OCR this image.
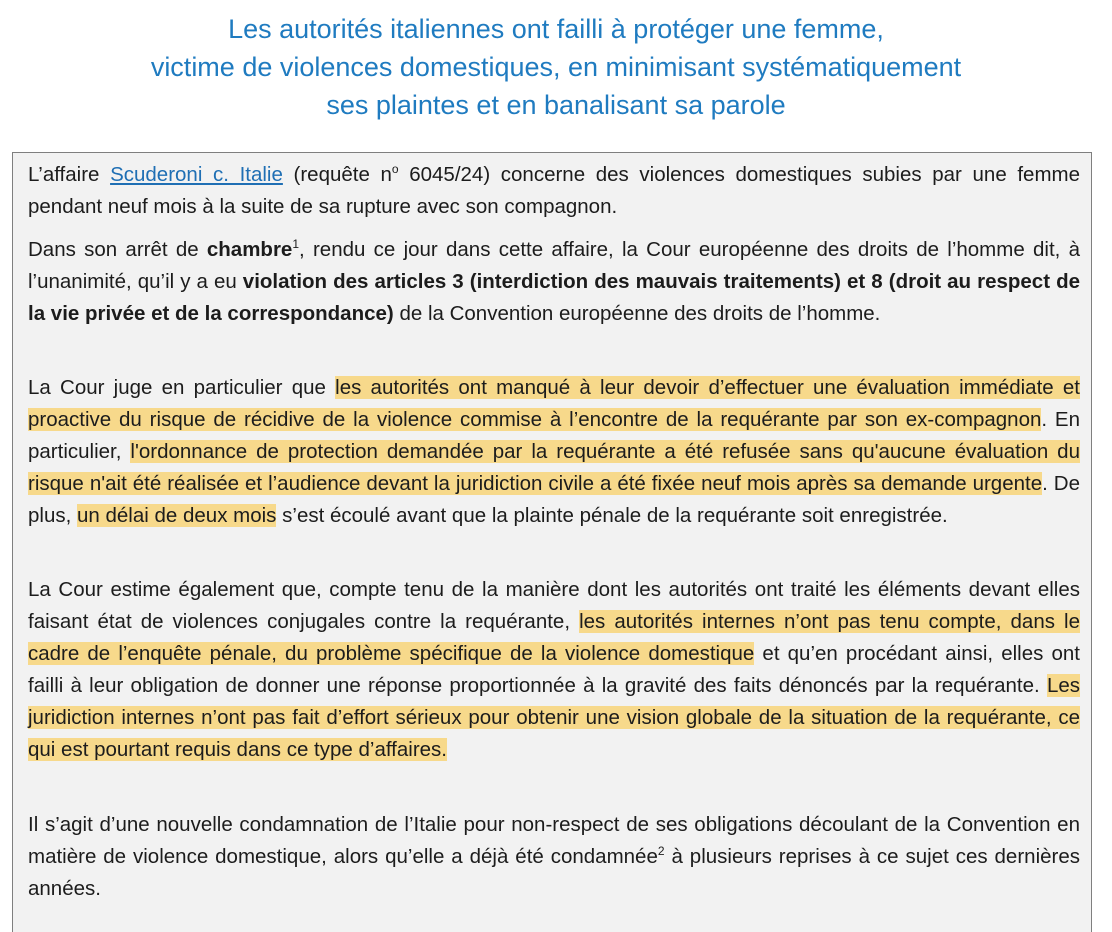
Les autorités italiennes ont failli à protéger une femme,
victime de violences domestiques, en minimisant systématiquement
ses plaintes et en banalisant sa parole
L’affaire Scuderoni c. Italie (requête $n^o$ 6045/24) concerne des violences domestiques subies par une femme pendant neuf mois à la suite de sa rupture avec son compagnon.
Dans son arrêt de chambre$^1$, rendu ce jour dans cette affaire, la Cour européenne des droits de l’homme dit, à l’unanimité, qu’il y a eu violation des articles 3 (interdiction des mauvais traitements) et 8 (droit au respect de la vie privée et de la correspondance) de la Convention européenne des droits de l’homme.
La Cour juge en particulier que les autorités ont manqué à leur devoir d’effectuer une évaluation immédiate et proactive du risque de récidive de la violence commise à l’encontre de la requérante par son ex-compagnon. En particulier, l'ordonnance de protection demandée par la requérante a été refusée sans qu'aucune évaluation du risque n'ait été réalisée et l’audience devant la juridiction civile a été fixée neuf mois après sa demande urgente. De plus, un délai de deux mois s’est écoulé avant que la plainte pénale de la requérante soit enregistrée.
La Cour estime également que, compte tenu de la manière dont les autorités ont traité les éléments devant elles faisant état de violences conjugales contre la requérante, les autorités internes n’ont pas tenu compte, dans le cadre de l’enquête pénale, du problème spécifique de la violence domestique et qu’en procédant ainsi, elles ont failli à leur obligation de donner une réponse proportionnée à la gravité des faits dénoncés par la requérante. Les juridiction internes n’ont pas fait d’effort sérieux pour obtenir une vision globale de la situation de la requérante, ce qui est pourtant requis dans ce type d’affaires.
Il s’agit d’une nouvelle condamnation de l’Italie pour non-respect de ses obligations découlant de la Convention en matière de violence domestique, alors qu’elle a déjà été condamnée$^2$ à plusieurs reprises à ce sujet ces dernières années.
